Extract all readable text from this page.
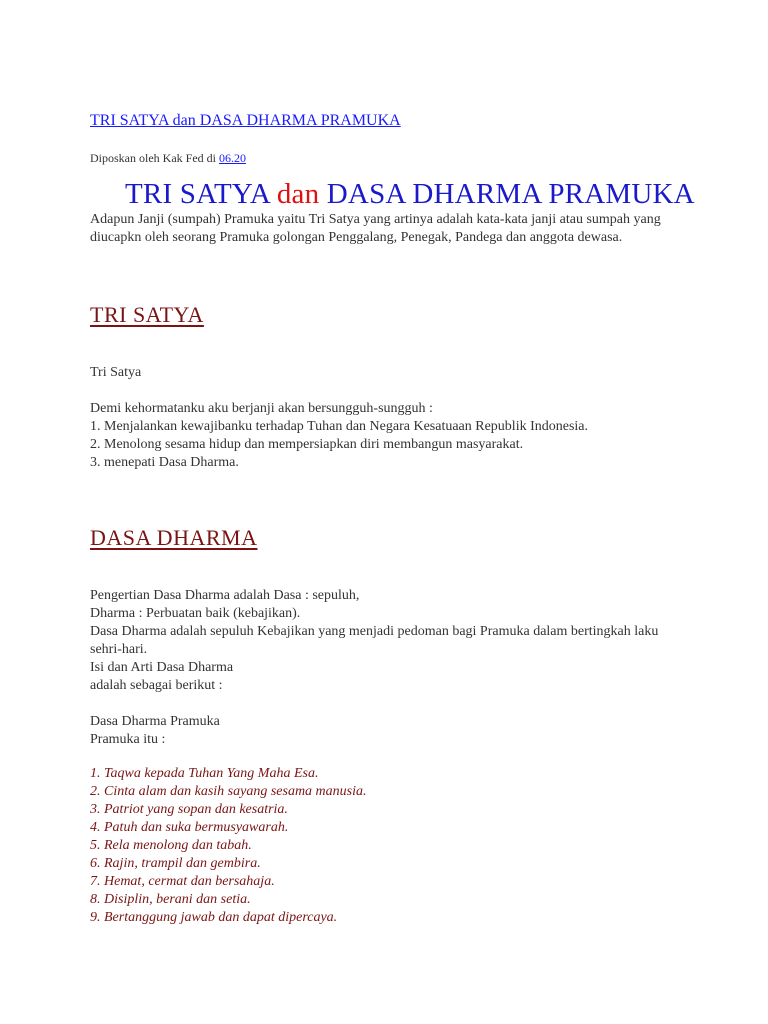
TRI SATYA dan DASA DHARMA PRAMUKA
Diposkan oleh Kak Fed di 06.20
TRI SATYA dan DASA DHARMA PRAMUKA
Adapun Janji (sumpah) Pramuka yaitu Tri Satya yang artinya adalah kata-kata janji atau sumpah yang diucapkn oleh seorang Pramuka golongan Penggalang, Penegak, Pandega dan anggota dewasa.
TRI SATYA
Tri Satya
Demi kehormatanku aku berjanji akan bersungguh-sungguh :
1. Menjalankan kewajibanku terhadap Tuhan dan Negara Kesatuaan Republik Indonesia.
2. Menolong sesama hidup dan mempersiapkan diri membangun masyarakat.
3. menepati Dasa Dharma.
DASA DHARMA
Pengertian Dasa Dharma adalah Dasa : sepuluh,
Dharma : Perbuatan baik (kebajikan).
Dasa Dharma adalah sepuluh Kebajikan yang menjadi pedoman bagi Pramuka dalam bertingkah laku sehri-hari.
Isi dan Arti Dasa Dharma
adalah sebagai berikut :
Dasa Dharma Pramuka
Pramuka itu :
1. Taqwa kepada Tuhan Yang Maha Esa.
2. Cinta alam dan kasih sayang sesama manusia.
3. Patriot yang sopan dan kesatria.
4. Patuh dan suka bermusyawarah.
5. Rela menolong dan tabah.
6. Rajin, trampil dan gembira.
7. Hemat, cermat dan bersahaja.
8. Disiplin, berani dan setia.
9. Bertanggung jawab dan dapat dipercaya.
